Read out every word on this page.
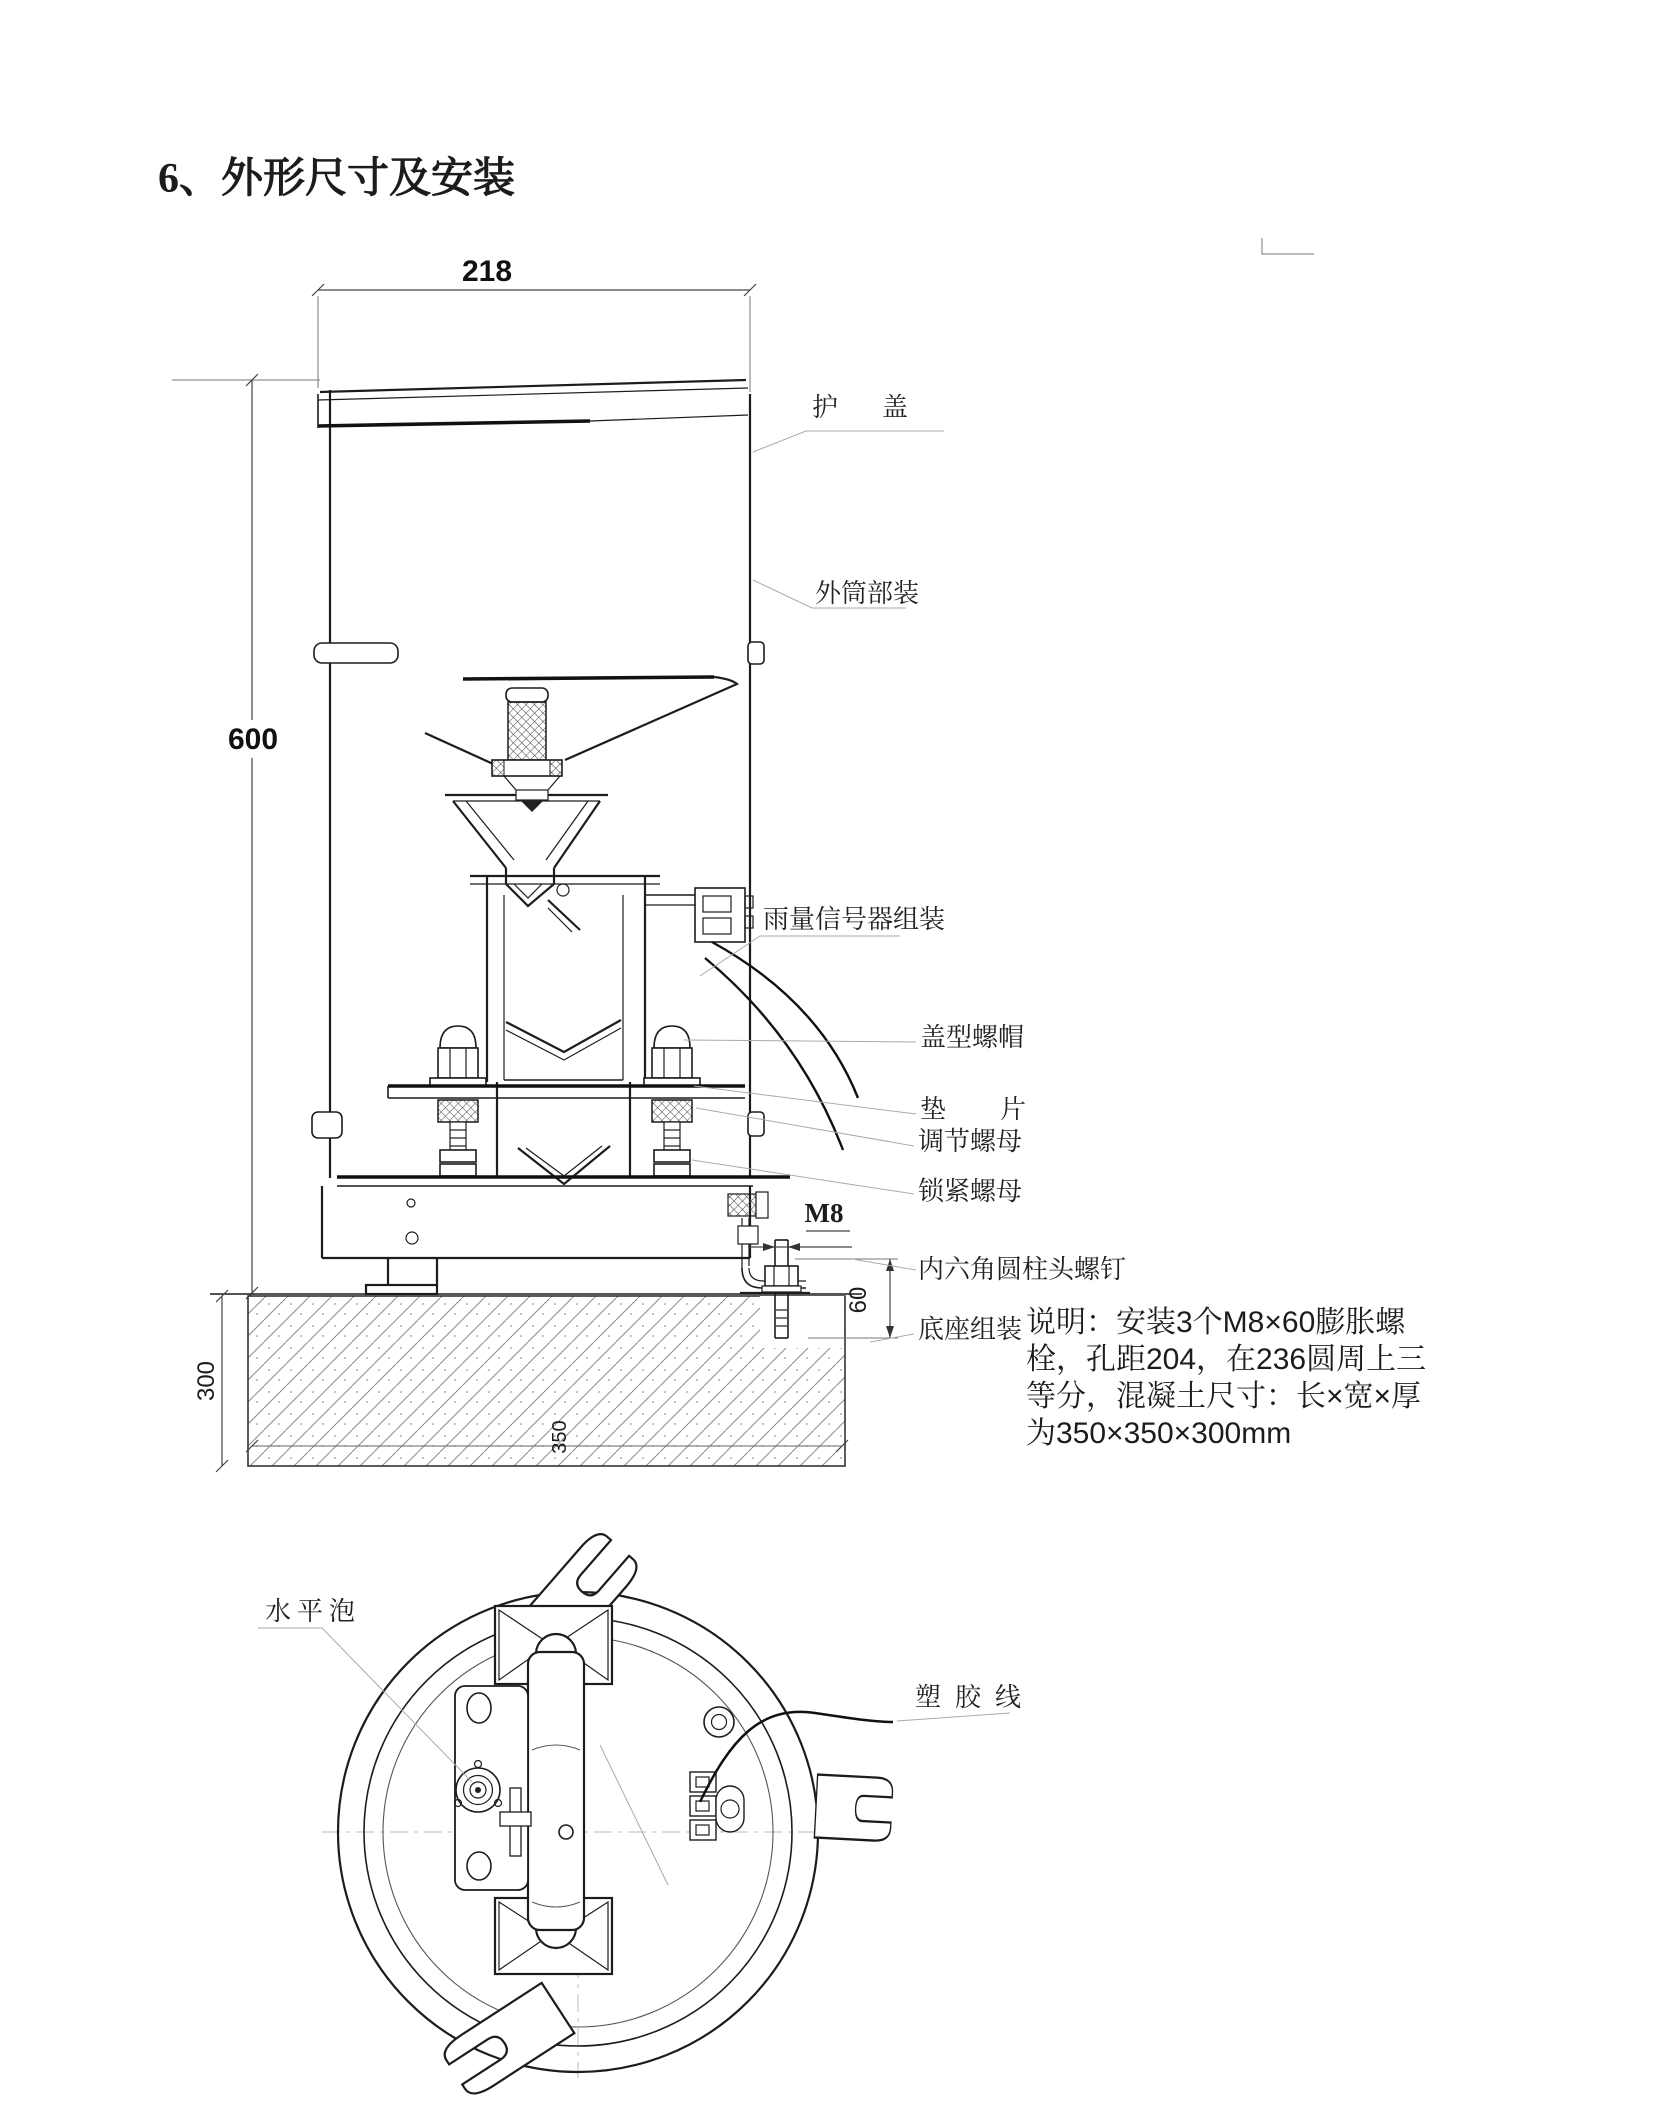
6、外形尺寸及安装
218
600
300
350
M8
60
护盖
外筒部装
雨量信号器组装
盖型螺帽
垫片
调节螺母
锁紧螺母
内六角圆柱头螺钉
底座组装 说明：安装3个M8×60膨胀螺
栓，孔距204，在236圆周上三
等分，混凝土尺寸：长×宽×厚
为350×350×300mm
水平泡
塑胶线
